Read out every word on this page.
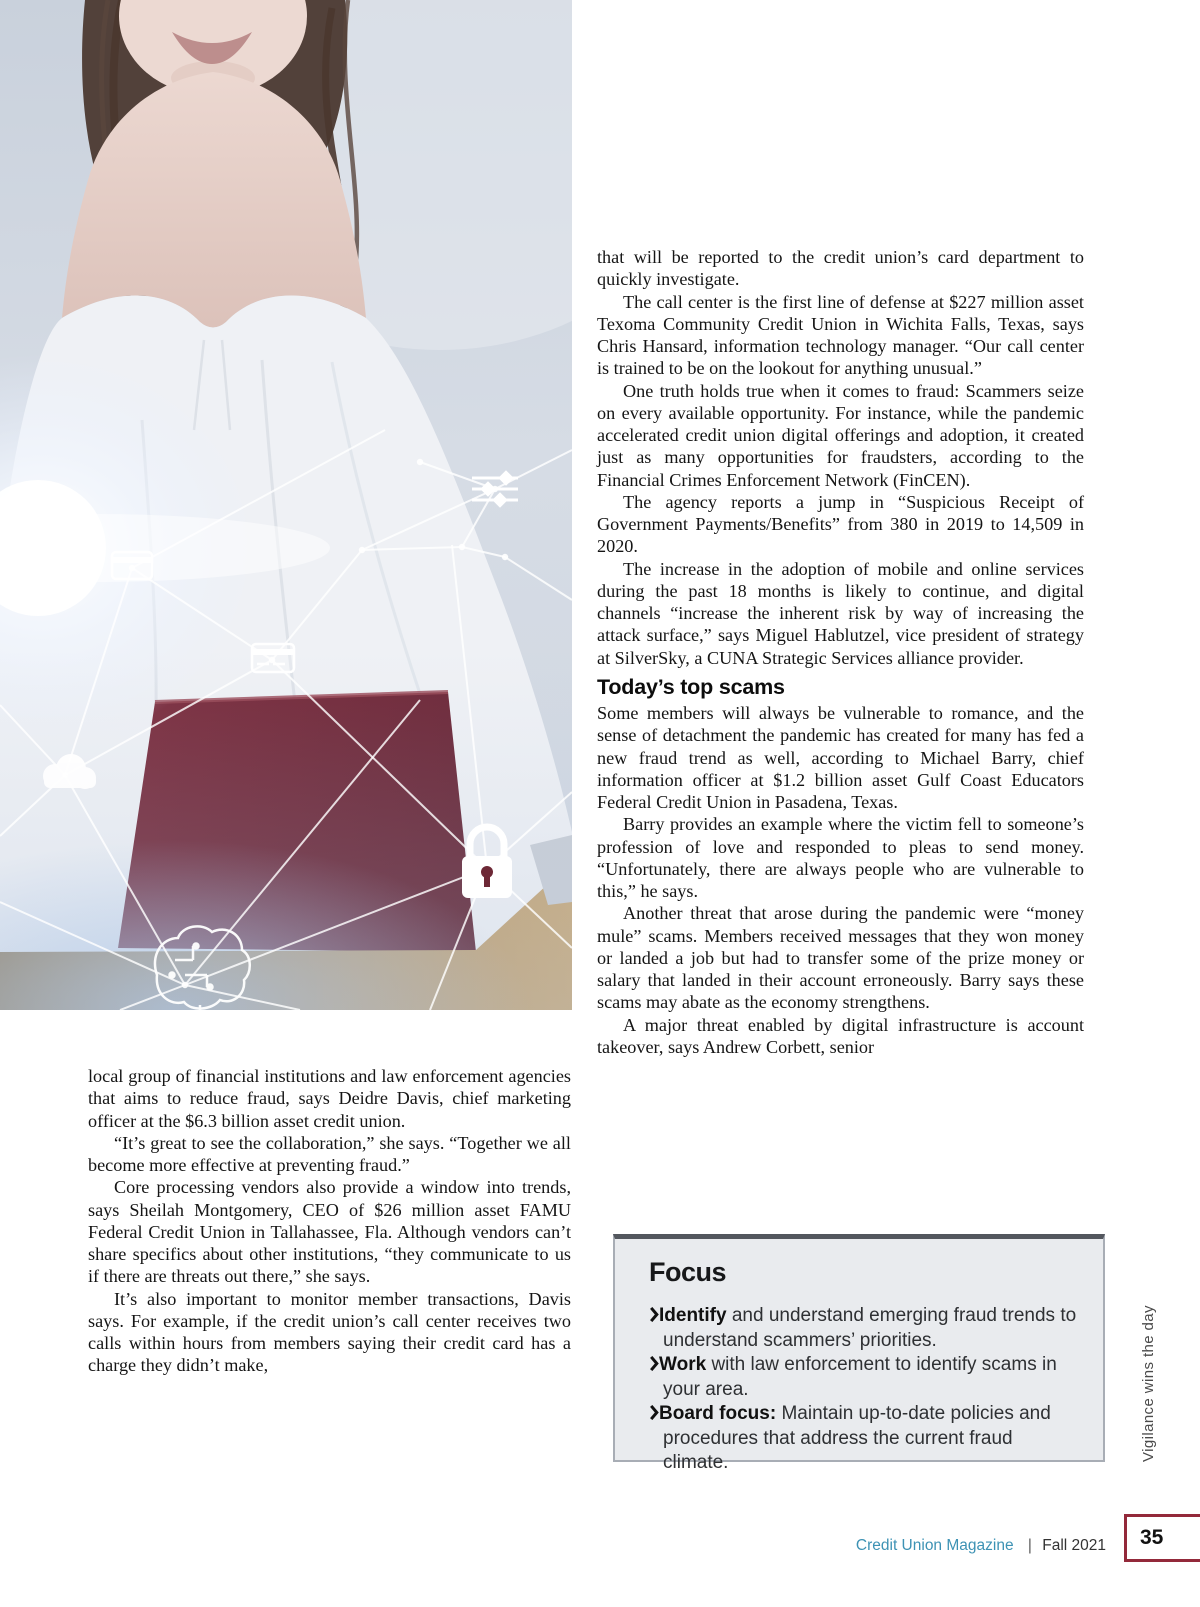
that will be reported to the credit union’s card department to quickly investigate.

The call center is the first line of defense at $227 million asset Texoma Community Credit Union in Wichita Falls, Texas, says Chris Hansard, information technology manager. “Our call center is trained to be on the lookout for anything unusual.”

One truth holds true when it comes to fraud: Scammers seize on every available opportunity. For instance, while the pandemic accelerated credit union digital offerings and adoption, it created just as many opportunities for fraudsters, according to the Financial Crimes Enforcement Network (FinCEN).

The agency reports a jump in “Suspicious Receipt of Government Payments/Benefits” from 380 in 2019 to 14,509 in 2020.

The increase in the adoption of mobile and online services during the past 18 months is likely to continue, and digital channels “increase the inherent risk by way of increasing the attack surface,” says Miguel Hablutzel, vice president of strategy at SilverSky, a CUNA Strategic Services alliance provider.

Today’s top scams

Some members will always be vulnerable to romance, and the sense of detachment the pandemic has created for many has fed a new fraud trend as well, according to Michael Barry, chief information officer at $1.2 billion asset Gulf Coast Educators Federal Credit Union in Pasadena, Texas.

Barry provides an example where the victim fell to someone’s profession of love and responded to pleas to send money. “Unfortunately, there are always people who are vulnerable to this,” he says.

Another threat that arose during the pandemic were “money mule” scams. Members received messages that they won money or landed a job but had to transfer some of the prize money or salary that landed in their account erroneously. Barry says these scams may abate as the economy strengthens.

A major threat enabled by digital infrastructure is account takeover, says Andrew Corbett, senior

local group of financial institutions and law enforcement agencies that aims to reduce fraud, says Deidre Davis, chief marketing officer at the $6.3 billion asset credit union.

“It’s great to see the collaboration,” she says. “Together we all become more effective at preventing fraud.”

Core processing vendors also provide a window into trends, says Sheilah Montgomery, CEO of $26 million asset FAMU Federal Credit Union in Tallahassee, Fla. Although vendors can’t share specifics about other institutions, “they communicate to us if there are threats out there,” she says.

It’s also important to monitor member transactions, Davis says. For example, if the credit union’s call center receives two calls within hours from members saying their credit card has a charge they didn’t make,

Focus
Identify and understand emerging fraud trends to understand scammers’ priorities.
Work with law enforcement to identify scams in your area.
Board focus: Maintain up-to-date policies and procedures that address the current fraud climate.
Vigilance wins the day
Credit Union Magazine | Fall 2021 35
